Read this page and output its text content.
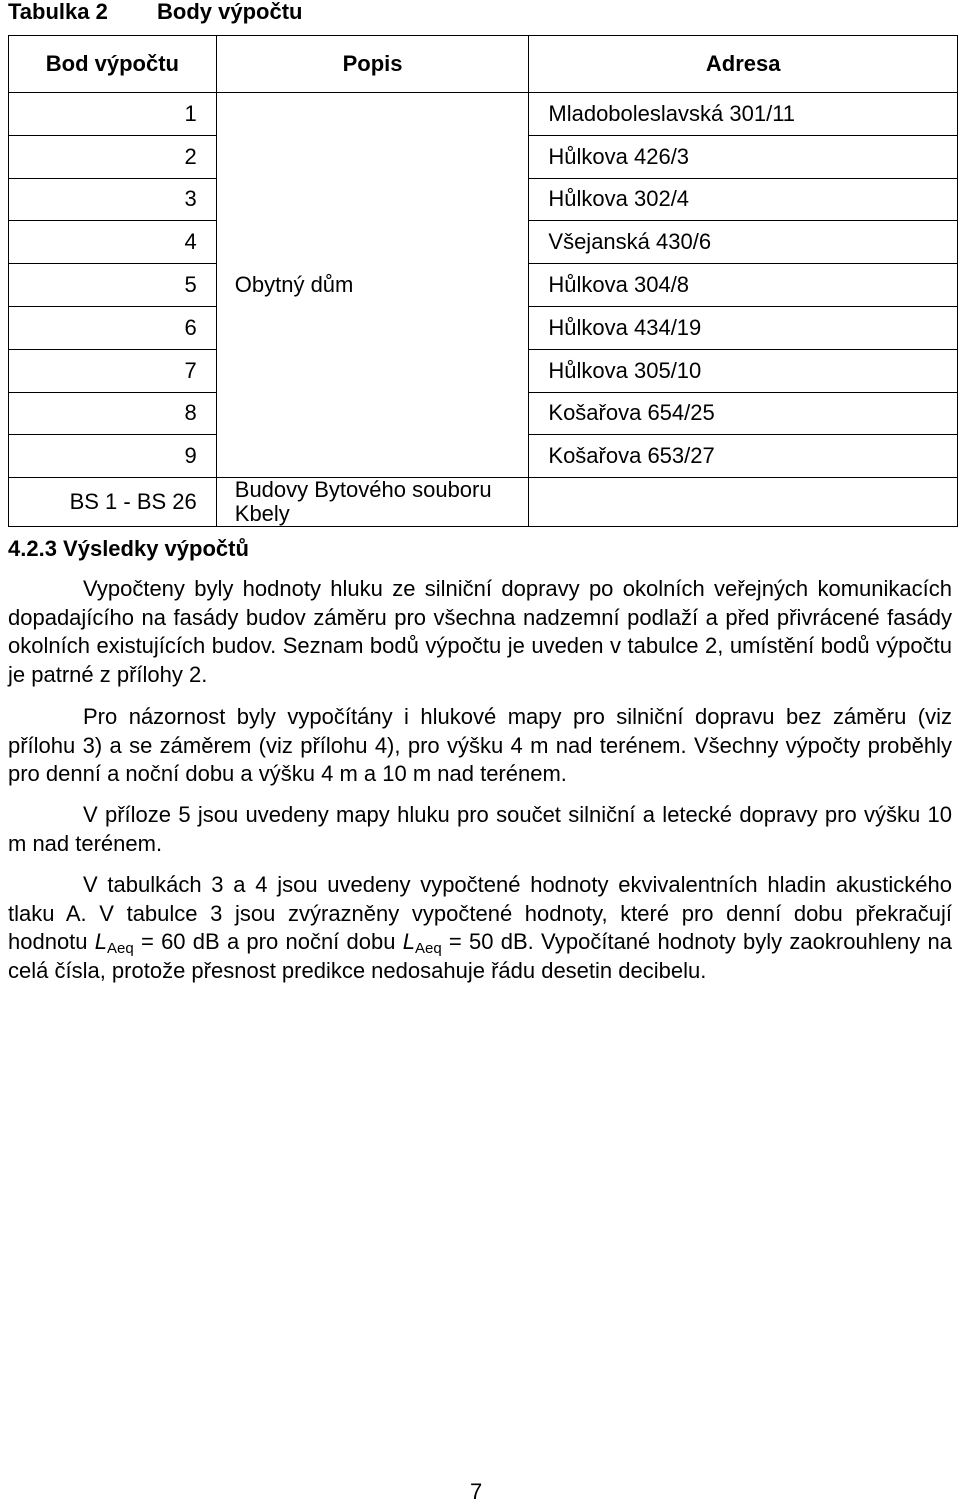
Tabulka 2 Body výpočtu
Bod výpočtu	Popis	Adresa
1	Obytný dům	Mladoboleslavská 301/11
2		Hůlkova 426/3
3		Hůlkova 302/4
4		Všejanská 430/6
5		Hůlkova 304/8
6		Hůlkova 434/19
7		Hůlkova 305/10
8		Košařova 654/25
9		Košařova 653/27
BS 1 - BS 26	Budovy Bytového souboru Kbely	
4.2.3 Výsledky výpočtů

Vypočteny byly hodnoty hluku ze silniční dopravy po okolních veřejných komunikacích dopadajícího na fasády budov záměru pro všechna nadzemní podlaží a před přivrácené fasády okolních existujících budov. Seznam bodů výpočtu je uveden v tabulce 2, umístění bodů výpočtu je patrné z přílohy 2.

Pro názornost byly vypočítány i hlukové mapy pro silniční dopravu bez záměru (viz přílohu 3) a se záměrem (viz přílohu 4), pro výšku 4 m nad terénem. Všechny výpočty proběhly pro denní a noční dobu a výšku 4 m a 10 m nad terénem.

V příloze 5 jsou uvedeny mapy hluku pro součet silniční a letecké dopravy pro výšku 10 m nad terénem.

V tabulkách 3 a 4 jsou uvedeny vypočtené hodnoty ekvivalentních hladin akustického tlaku A. V tabulce 3 jsou zvýrazněny vypočtené hodnoty, které pro denní dobu překračují hodnotu $L_{Aeq} = 60$ dB a pro noční dobu $L_{Aeq} = 50$ dB. Vypočítané hodnoty byly zaokrouhleny na celá čísla, protože přesnost predikce nedosahuje řádu desetin decibelu.

7
